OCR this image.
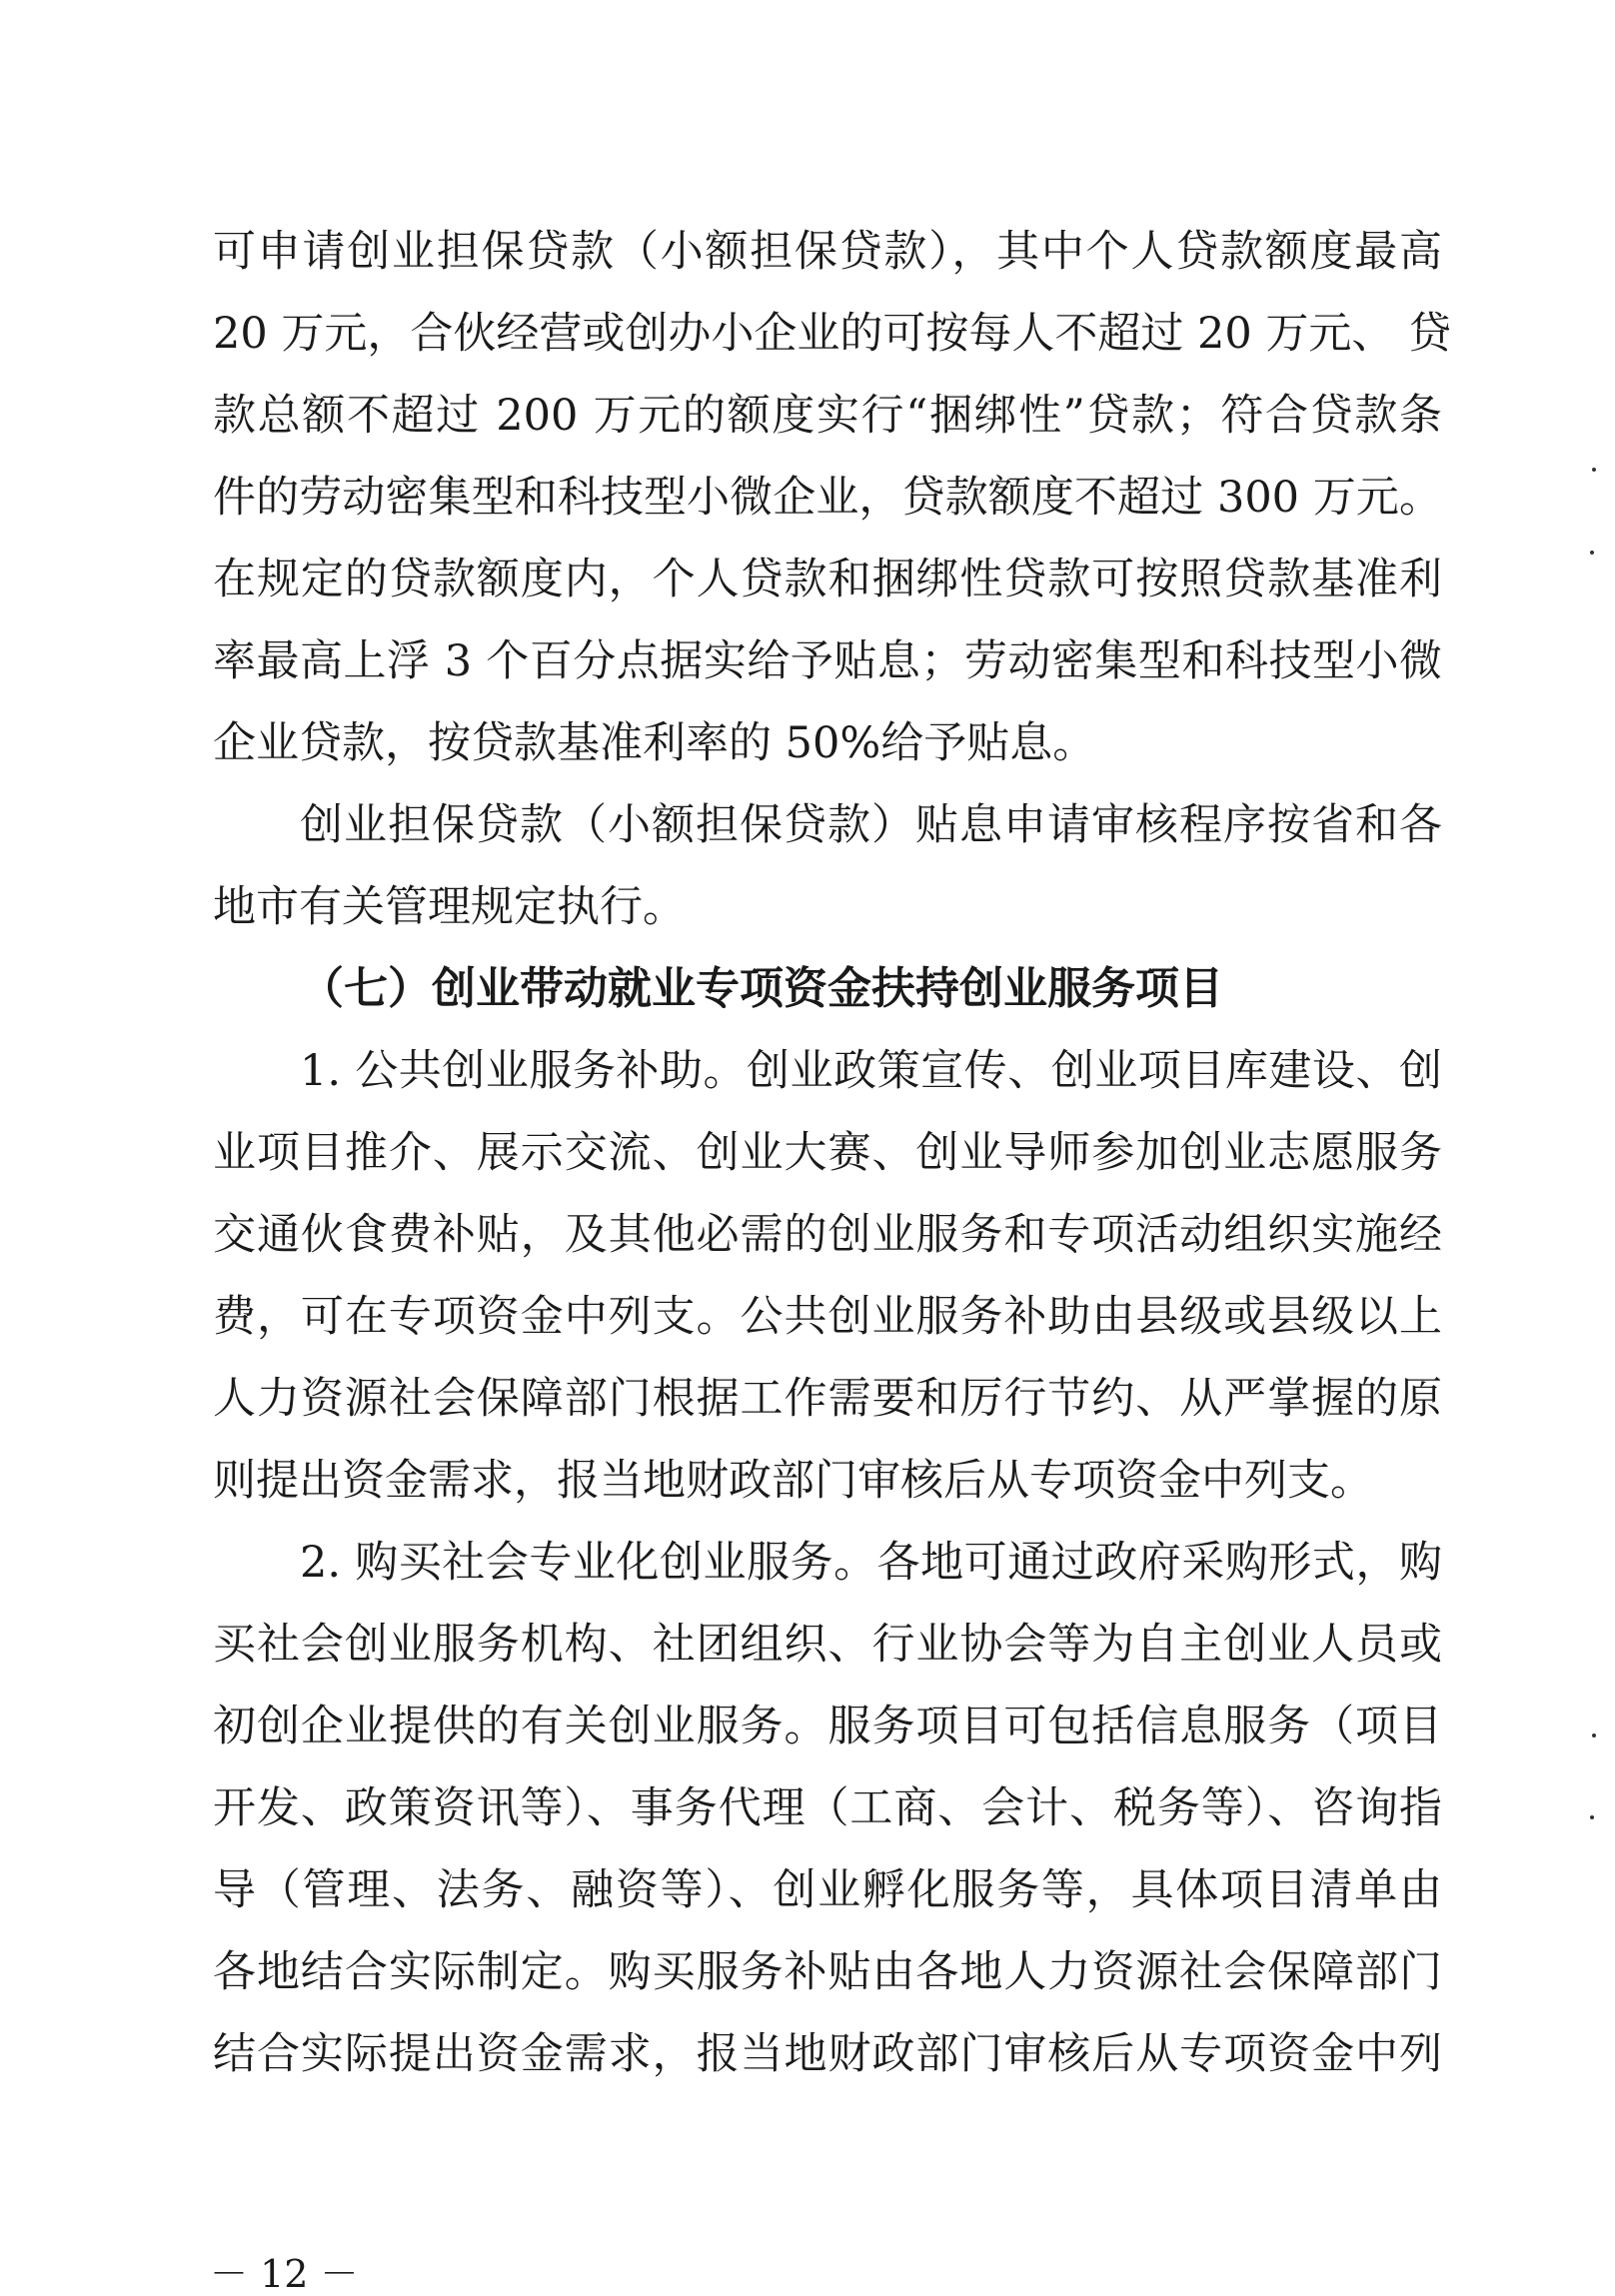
可申请创业担保贷款（小额担保贷款），其中个人贷款额度最高
20 万元，合伙经营或创办小企业的可按每人不超过 20 万元、 贷
款总额不超过 200 万元的额度实行“捆绑性”贷款；符合贷款条
件的劳动密集型和科技型小微企业，贷款额度不超过 300 万元。
在规定的贷款额度内，个人贷款和捆绑性贷款可按照贷款基准利
率最高上浮 3 个百分点据实给予贴息；劳动密集型和科技型小微
企业贷款，按贷款基准利率的 50%给予贴息。
创业担保贷款（小额担保贷款）贴息申请审核程序按省和各
地市有关管理规定执行。
（七）创业带动就业专项资金扶持创业服务项目
1. 公共创业服务补助。创业政策宣传、创业项目库建设、创
业项目推介、展示交流、创业大赛、创业导师参加创业志愿服务
交通伙食费补贴，及其他必需的创业服务和专项活动组织实施经
费，可在专项资金中列支。公共创业服务补助由县级或县级以上
人力资源社会保障部门根据工作需要和厉行节约、从严掌握的原
则提出资金需求，报当地财政部门审核后从专项资金中列支。
2. 购买社会专业化创业服务。各地可通过政府采购形式，购
买社会创业服务机构、社团组织、行业协会等为自主创业人员或
初创企业提供的有关创业服务。服务项目可包括信息服务（项目
开发、政策资讯等）、事务代理（工商、会计、税务等）、咨询指
导（管理、法务、融资等）、创业孵化服务等，具体项目清单由
各地结合实际制定。购买服务补贴由各地人力资源社会保障部门
结合实际提出资金需求，报当地财政部门审核后从专项资金中列
－ 12 －
